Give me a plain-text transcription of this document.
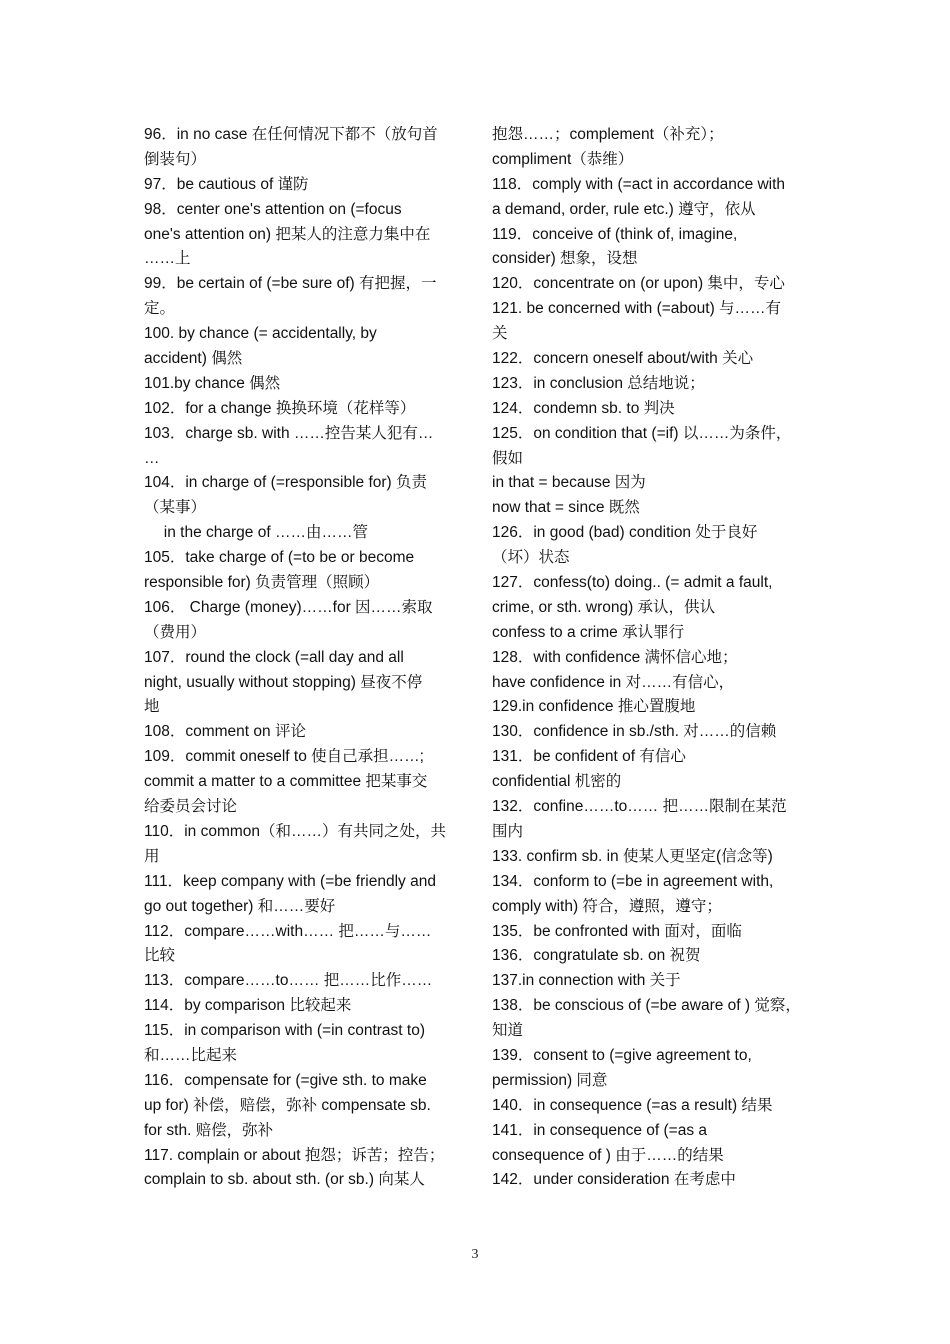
96．in no case 在任何情况下都不（放句首
倒装句）
97．be cautious of 谨防
98．center one's attention on (=focus
one's attention on) 把某人的注意力集中在
……上
99．be certain of (=be sure of) 有把握，一
定。
100. by chance (= accidentally, by
accident) 偶然
101.by chance 偶然
102．for a change 换换环境（花样等）
103．charge sb. with ……控告某人犯有…
…
104．in charge of (=responsible for) 负责
（某事）
　 in the charge of ……由……管
105．take charge of (=to be or become
responsible for) 负责管理（照顾）
106． Charge (money)……for 因……索取
（费用）
107．round the clock (=all day and all
night, usually without stopping) 昼夜不停
地
108．comment on 评论
109．commit oneself to 使自己承担……;
commit a matter to a committee 把某事交
给委员会讨论
110．in common（和……）有共同之处，共
用
111．keep company with (=be friendly and
go out together) 和……要好
112．compare……with…… 把……与……
比较
113．compare……to…… 把……比作……
114．by comparison 比较起来
115．in comparison with (=in contrast to)
和……比起来
116．compensate for (=give sth. to make
up for) 补偿，赔偿，弥补 compensate sb.
for sth. 赔偿，弥补
117. complain or about 抱怨；诉苦；控告；
complain to sb. about sth. (or sb.) 向某人
抱怨……；complement（补充）；
compliment（恭维）
118．comply with (=act in accordance with
a demand, order, rule etc.) 遵守，依从
119．conceive of (think of, imagine,
consider) 想象，设想
120．concentrate on (or upon) 集中，专心
121. be concerned with (=about) 与……有
关
122．concern oneself about/with 关心
123．in conclusion 总结地说；
124．condemn sb. to 判决
125．on condition that (=if) 以……为条件，
假如
in that = because 因为
now that = since 既然
126．in good (bad) condition 处于良好
（坏）状态
127．confess(to) doing.. (= admit a fault,
crime, or sth. wrong) 承认，供认
confess to a crime 承认罪行
128．with confidence 满怀信心地；
have confidence in 对……有信心，
129.in confidence 推心置腹地
130．confidence in sb./sth. 对……的信赖
131．be confident of 有信心
confidential 机密的
132．confine……to…… 把……限制在某范
围内
133. confirm sb. in 使某人更坚定(信念等)
134．conform to (=be in agreement with,
comply with) 符合，遵照，遵守；
135．be confronted with 面对，面临
136．congratulate sb. on 祝贺
137.in connection with 关于
138．be conscious of (=be aware of ) 觉察，
知道
139．consent to (=give agreement to,
permission) 同意
140．in consequence (=as a result) 结果
141．in consequence of (=as a
consequence of ) 由于……的结果
142．under consideration 在考虑中
3
